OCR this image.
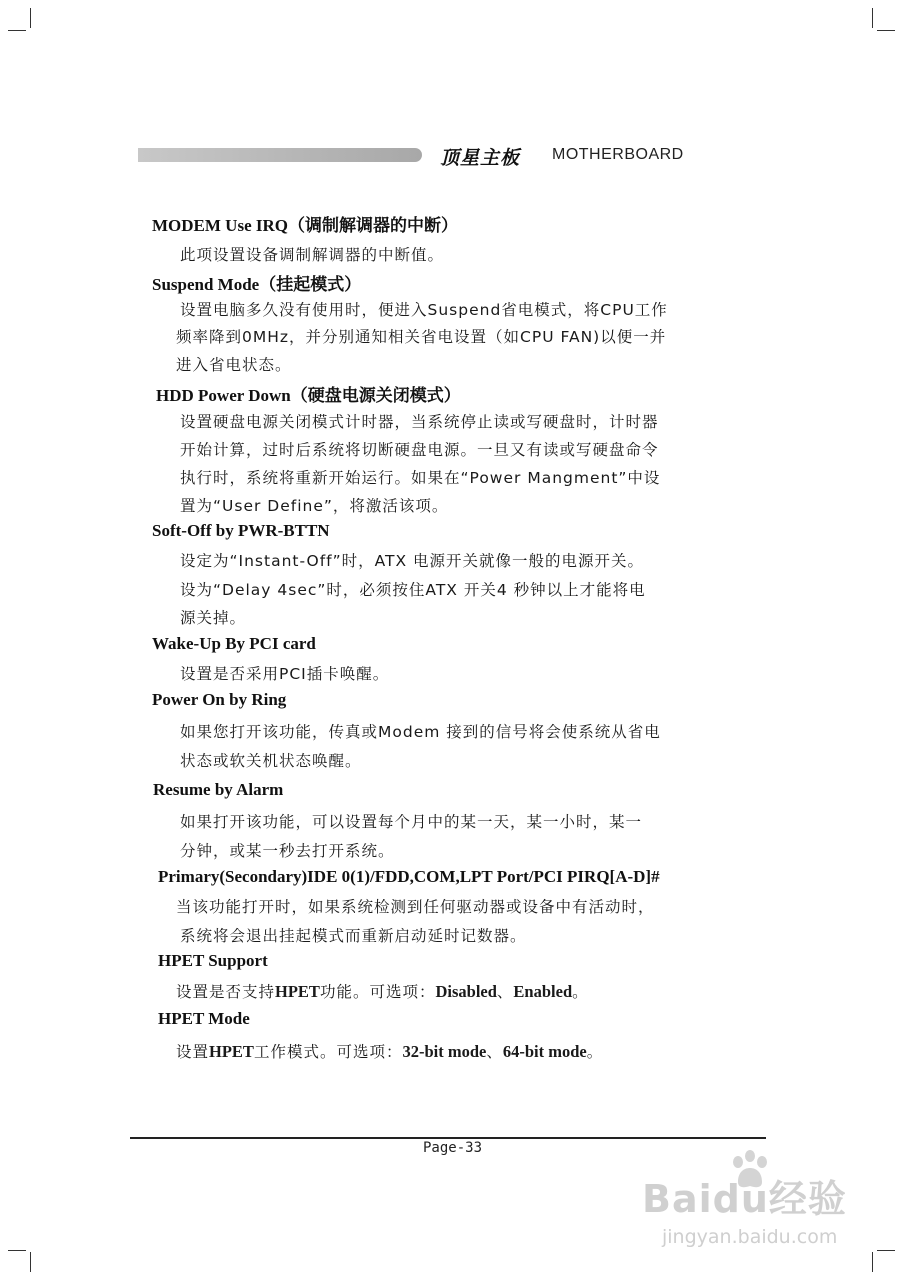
顶星主板 MOTHERBOARD
MODEM Use IRQ（调制解调器的中断）
此项设置设备调制解调器的中断值。
Suspend Mode（挂起模式）
设置电脑多久没有使用时，便进入Suspend省电模式，将CPU工作
频率降到0MHz，并分别通知相关省电设置（如CPU FAN)以便一并
进入省电状态。
HDD Power Down（硬盘电源关闭模式）
设置硬盘电源关闭模式计时器，当系统停止读或写硬盘时，计时器
开始计算，过时后系统将切断硬盘电源。一旦又有读或写硬盘命令
执行时，系统将重新开始运行。如果在“Power Mangment”中设
置为“User Define”，将激活该项。
Soft-Off by PWR-BTTN
设定为“Instant-Off”时，ATX 电源开关就像一般的电源开关。
设为“Delay 4sec”时，必须按住ATX 开关4 秒钟以上才能将电
源关掉。
Wake-Up By PCI card
设置是否采用PCI插卡唤醒。
Power On by Ring
如果您打开该功能，传真或Modem 接到的信号将会使系统从省电
状态或软关机状态唤醒。
Resume by Alarm
如果打开该功能，可以设置每个月中的某一天，某一小时，某一
分钟，或某一秒去打开系统。
Primary(Secondary)IDE 0(1)/FDD,COM,LPT Port/PCI PIRQ[A-D]#
当该功能打开时，如果系统检测到任何驱动器或设备中有活动时，
系统将会退出挂起模式而重新启动延时记数器。
HPET Support
设置是否支持HPET功能。可选项：Disabled、Enabled。
HPET Mode
设置HPET工作模式。可选项：32-bit mode、64-bit mode。
Page-33
Baidu经验
jingyan.baidu.com
